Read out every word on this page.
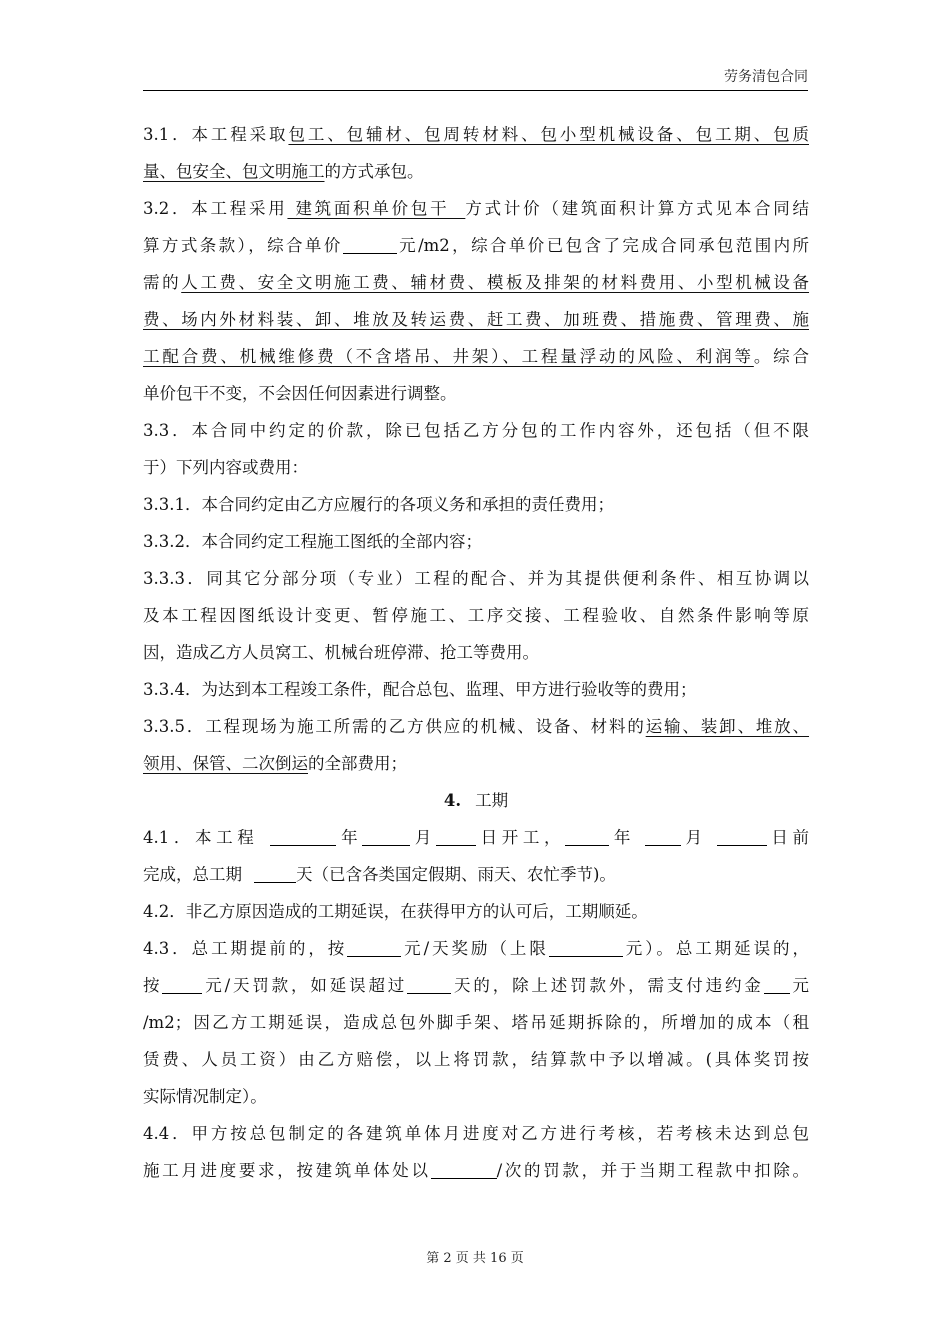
劳务清包合同

3.1．本工程采取包工、包辅材、包周转材料、包小型机械设备、包工期、包质

量、包安全、包文明施工的方式承包。

3.2．本工程采用 建筑面积单价包干  方式计价（建筑面积计算方式见本合同结

算方式条款），综合单价	元/m2，综合单价已包含了完成合同承包范围内所

需的人工费、安全文明施工费、辅材费、模板及排架的材料费用、小型机械设备

费、场内外材料装、卸、堆放及转运费、赶工费、加班费、措施费、管理费、施

工配合费、机械维修费（不含塔吊、井架）、工程量浮动的风险、利润等。综合

单价包干不变，不会因任何因素进行调整。

3.3．本合同中约定的价款，除已包括乙方分包的工作内容外，还包括（但不限

于）下列内容或费用：

3.3.1．本合同约定由乙方应履行的各项义务和承担的责任费用；

3.3.2．本合同约定工程施工图纸的全部内容；

3.3.3．同其它分部分项（专业）工程的配合、并为其提供便利条件、相互协调以

及本工程因图纸设计变更、暂停施工、工序交接、工程验收、自然条件影响等原

因，造成乙方人员窝工、机械台班停滞、抢工等费用。

3.3.4．为达到本工程竣工条件，配合总包、监理、甲方进行验收等的费用；

3.3.5．工程现场为施工所需的乙方供应的机械、设备、材料的运输、装卸、堆放、

领用、保管、二次倒运的全部费用；

4. 工期

4.1．本工程	年	月 日开工，	年	月	日前

完成，总工期	天（已含各类国定假期、雨天、农忙季节)。

4.2．非乙方原因造成的工期延误，在获得甲方的认可后，工期顺延。

4.3．总工期提前的，按	元/天奖励（上限	元）。总工期延误的，

按 元/天罚款，如延误超过	天的，除上述罚款外，需支付违约金 元

/m2；因乙方工期延误，造成总包外脚手架、塔吊延期拆除的，所增加的成本（租

赁费、人员工资）由乙方赔偿，以上将罚款，结算款中予以增减。(具体奖罚按

实际情况制定）。

4.4．甲方按总包制定的各建筑单体月进度对乙方进行考核，若考核未达到总包

施工月进度要求，按建筑单体处以	/次的罚款，并于当期工程款中扣除。

第 2 页 共 16 页
